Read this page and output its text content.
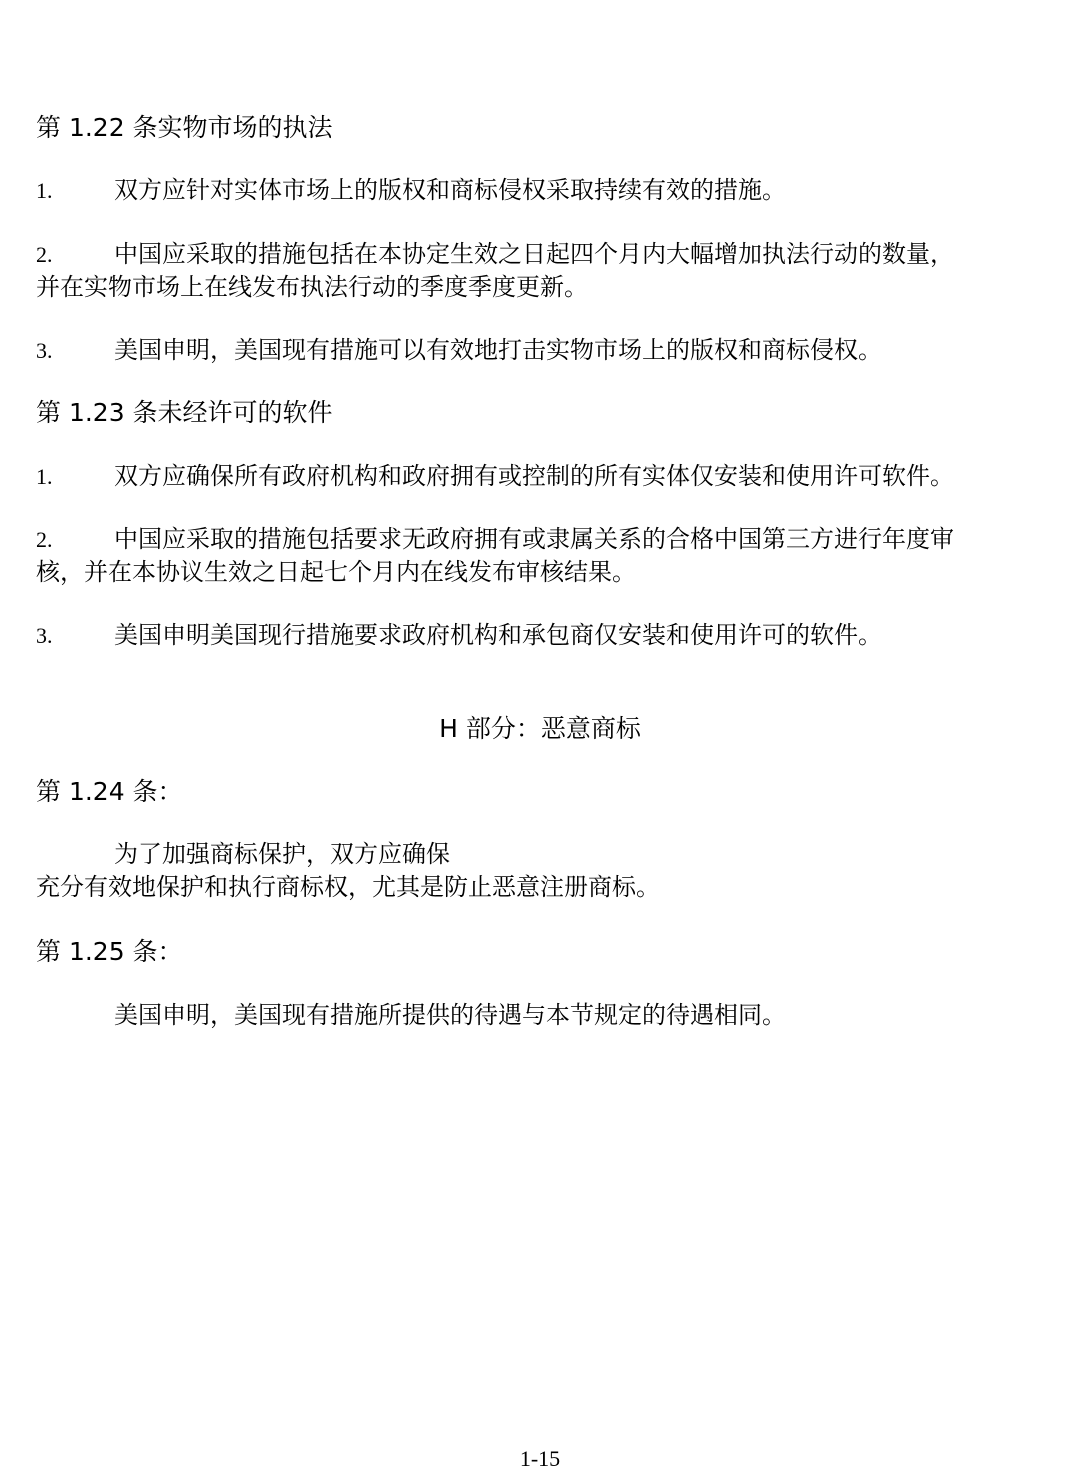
第 1.22 条实物市场的执法
1.	双方应针对实体市场上的版权和商标侵权采取持续有效的措施。
2.	中国应采取的措施包括在本协定生效之日起四个月内大幅增加执法行动的数量，
并在实物市场上在线发布执法行动的季度季度更新。
3.	美国申明，美国现有措施可以有效地打击实物市场上的版权和商标侵权。
第 1.23 条未经许可的软件
1.	双方应确保所有政府机构和政府拥有或控制的所有实体仅安装和使用许可软件。
2.	中国应采取的措施包括要求无政府拥有或隶属关系的合格中国第三方进行年度审
核，并在本协议生效之日起七个月内在线发布审核结果。
3.	美国申明美国现行措施要求政府机构和承包商仅安装和使用许可的软件。
H 部分：恶意商标
第 1.24 条：
为了加强商标保护，双方应确保
充分有效地保护和执行商标权，尤其是防止恶意注册商标。
第 1.25 条：
美国申明，美国现有措施所提供的待遇与本节规定的待遇相同。
1-15
